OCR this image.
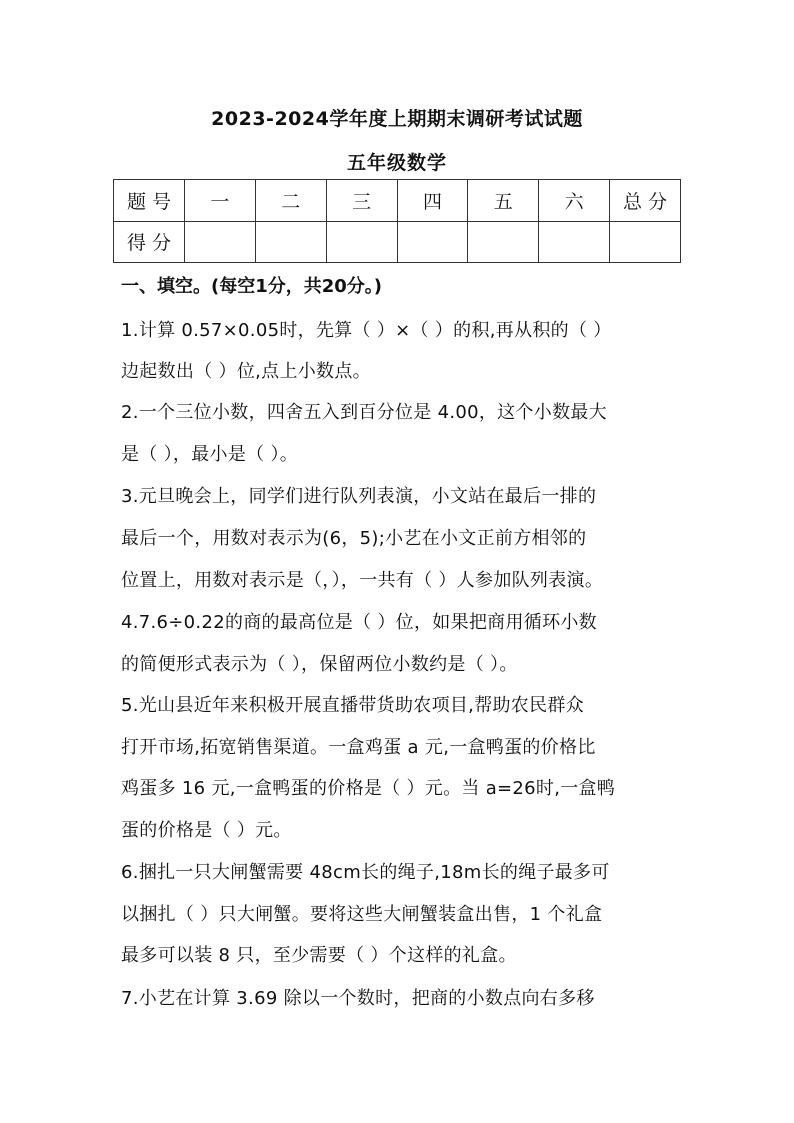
2023-2024学年度上期期末调研考试试题
五年级数学
题 号	一	二	三	四	五	六	总 分
得 分							
一、填空。(每空1分，共20分。)
1.计算 0.57×0.05时，先算（ ）×（ ）的积,再从积的（ ）
边起数出（ ）位,点上小数点。
2.一个三位小数，四舍五入到百分位是 4.00，这个小数最大
是（ ），最小是（ ）。
3.元旦晚会上，同学们进行队列表演，小文站在最后一排的
最后一个，用数对表示为(6，5);小艺在小文正前方相邻的
位置上，用数对表示是（，），一共有（ ）人参加队列表演。
4.7.6÷0.22的商的最高位是（ ）位，如果把商用循环小数
的简便形式表示为（ ），保留两位小数约是（ ）。
5.光山县近年来积极开展直播带货助农项目,帮助农民群众
打开市场,拓宽销售渠道。一盒鸡蛋 a 元,一盒鸭蛋的价格比
鸡蛋多 16 元,一盒鸭蛋的价格是（ ）元。当 a=26时,一盒鸭
蛋的价格是（ ）元。
6.捆扎一只大闸蟹需要 48cm长的绳子,18m长的绳子最多可
以捆扎（ ）只大闸蟹。要将这些大闸蟹装盒出售，1 个礼盒
最多可以装 8 只，至少需要（ ）个这样的礼盒。
7.小艺在计算 3.69 除以一个数时，把商的小数点向右多移
